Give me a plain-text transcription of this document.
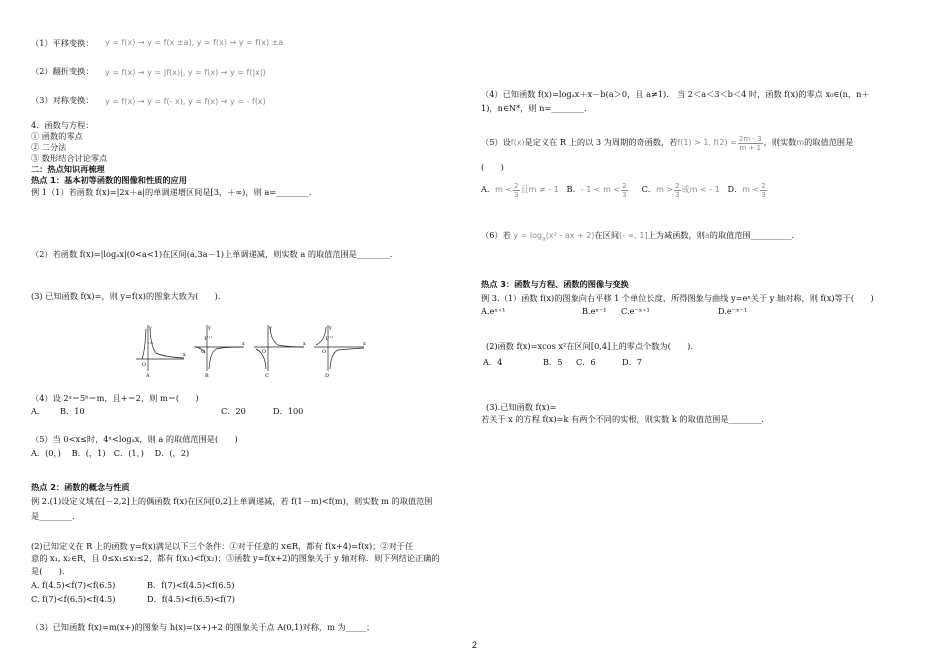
（1）平移变换： y = f(x) → y = f(x ±a), y = f(x) → y = f(x) ±a
（2）翻折变换： y = f(x) → y = |f(x)|, y = f(x) → y = f(|x|)
（3）对称变换： y = f(x) → y = f(- x), y = f(x) → y = - f(x)
4．函数与方程：
① 函数的零点
② 二分法
③ 数形结合讨论零点
二：热点知识再梳理
热点 1：基本初等函数的图像和性质的应用
例 1（1）若函数 f(x)=|2x＋a|的单调递增区间是[3，＋∞)，则 a=________.
（2）若函数 f(x)=|logₐx|(0<a<1)在区间(a,3a－1)上单调递减，则实数 a 的取值范围是________.
(3) 已知函数 f(x)=，则 y=f(x)的图象大致为(　　).
y
O
x
A
y
O
1
x
B
y
O
x
C
y
O
1
x
D
（4）设 2ᵃ＝5ᵇ＝m，且+＝2，则 m＝(　　)
A． B．10	C．20	D．100
（5）当 0<x≤时，4ˣ<logₐx，则 a 的取值范围是(　　)
A．(0，)　 B．(，1)　C．(1，)　 D．(，2)
热点 2：函数的概念与性质
例 2.(1)设定义域在[－2,2]上的偶函数 f(x)在区间[0,2]上单调递减，若 f(1－m)<f(m)，则实数 m 的取值范围
是________.
(2)已知定义在 R 上的函数 y=f(x)满足以下三个条件：①对于任意的 x∈R，都有 f(x+4)=f(x)；②对于任
意的 x₁, x₂∈R，且 0≤x₁≤x₂≤2，都有 f(x₁)<f(x₂)；③函数 y=f(x+2)的图象关于 y 轴对称．则下列结论正确的
是(　　).
A. f(4.5)<f(7)<f(6.5)	B．f(7)<f(4.5)<f(6.5)
C. f(7)<f(6.5)<f(4.5)	D．f(4.5)<f(6.5)<f(7)
（3）已知函数 f(x)=m(x+)的图象与 h(x)=(x+)+2 的图象关于点 A(0,1)对称，m 为_____；
（4）已知函数 f(x)=logₐx＋x－b(a＞0，且 a≠1)． 当 2＜a＜3＜b＜4 时，函数 f(x)的零点 x₀∈(n，n＋
1)，n∈N*，则 n=________.
（5）设f(x)是定义在 R 上的以 3 为周期的奇函数，若f(1) > 1, $f(2) = \frac{2m - 3}{m + 1}$ ，则实数m的取值范围是
(　　)
A．$m < \frac{2}{3}$ 且m ≠ - 1 B．- $1 < m < \frac{2}{3}$ C．$m > \frac{2}{3}$ 或m < - 1 D．$m < \frac{2}{3}$
（6）若 $y = \log_a(x^2$ - ax + 2)在区间(- ∞, 1]上为减函数，则a的取值范围__________.
热点 3：函数与方程、函数的图像与变换
例 3.（1）函数 f(x)的图象向右平移 1 个单位长度，所得图象与曲线 y=eˣ关于 y 轴对称，则 f(x)等于(　　)
A.eˣ⁺¹	B.eˣ⁻¹ C.e⁻ˣ⁺¹	D.e⁻ˣ⁻¹
(2)函数 f(x)=xcos x²在区间[0,4]上的零点个数为(　　).
A．4	B．5 C．6	D．7
(3).已知函数 f(x)=
若关于 x 的方程 f(x)=k 有两个不同的实根，则实数 k 的取值范围是________.
2
